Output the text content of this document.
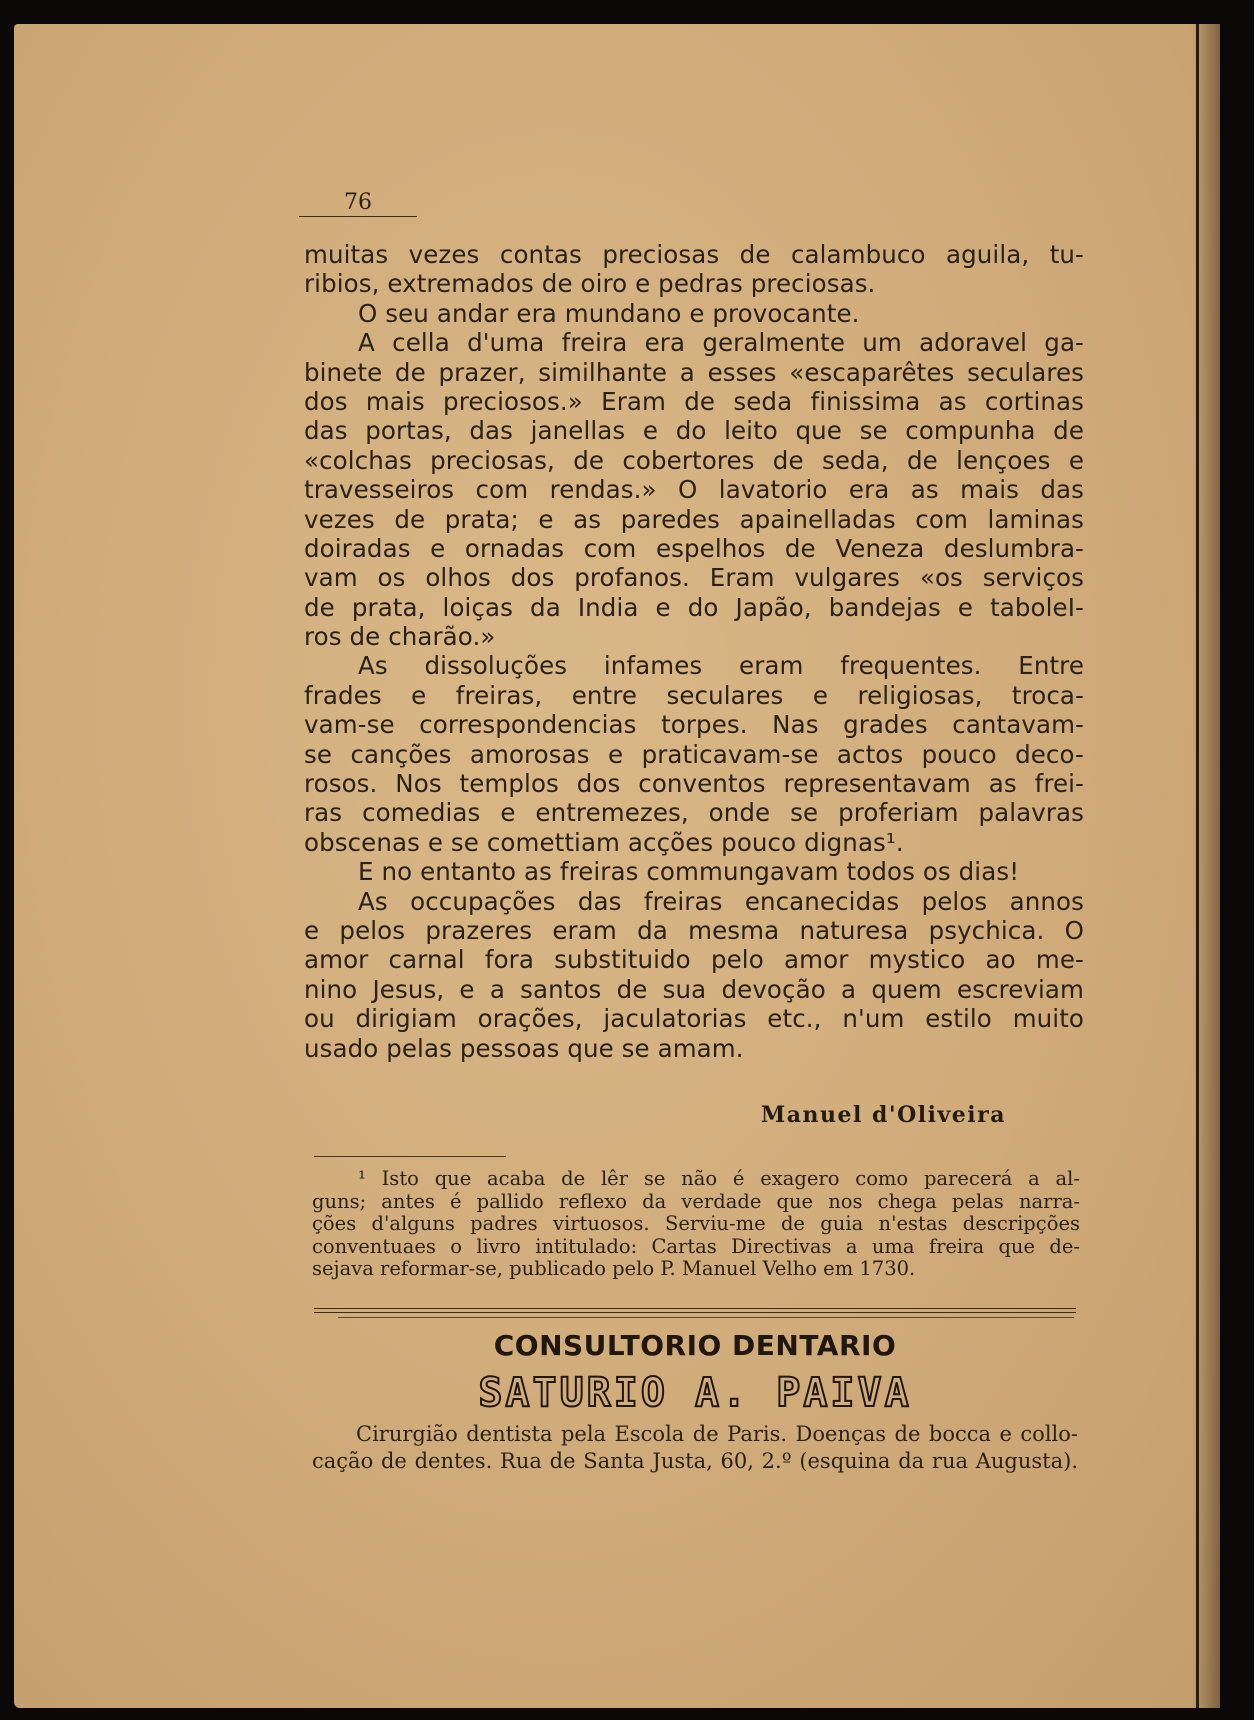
76
muitas vezes contas preciosas de calambuco aguila, tu-
ribios, extremados de oiro e pedras preciosas.
O seu andar era mundano e provocante.
A cella d'uma freira era geralmente um adoravel ga-
binete de prazer, similhante a esses «escaparêtes seculares
dos mais preciosos.» Eram de seda finissima as cortinas
das portas, das janellas e do leito que se compunha de
«colchas preciosas, de cobertores de seda, de lençoes e
travesseiros com rendas.» O lavatorio era as mais das
vezes de prata; e as paredes apainelladas com laminas
doiradas e ornadas com espelhos de Veneza deslumbra-
vam os olhos dos profanos. Eram vulgares «os serviços
de prata, loiças da India e do Japão, bandejas e taboleI-
ros de charão.»
As dissoluções infames eram frequentes. Entre
frades e freiras, entre seculares e religiosas, troca-
vam-se correspondencias torpes. Nas grades cantavam-
se canções amorosas e praticavam-se actos pouco deco-
rosos. Nos templos dos conventos representavam as frei-
ras comedias e entremezes, onde se proferiam palavras
obscenas e se comettiam acções pouco dignas¹.
E no entanto as freiras commungavam todos os dias!
As occupações das freiras encanecidas pelos annos
e pelos prazeres eram da mesma naturesa psychica. O
amor carnal fora substituido pelo amor mystico ao me-
nino Jesus, e a santos de sua devoção a quem escreviam
ou dirigiam orações, jaculatorias etc., n'um estilo muito
usado pelas pessoas que se amam.
Manuel d'Oliveira
¹ Isto que acaba de lêr se não é exagero como parecerá a al-
guns; antes é pallido reflexo da verdade que nos chega pelas narra-
ções d'alguns padres virtuosos. Serviu-me de guia n'estas descripções
conventuaes o livro intitulado: Cartas Directivas a uma freira que de-
sejava reformar-se, publicado pelo P. Manuel Velho em 1730.
CONSULTORIO DENTARIO
SATURIO A. PAIVA
Cirurgião dentista pela Escola de Paris. Doenças de bocca e collo-
cação de dentes. Rua de Santa Justa, 60, 2.º (esquina da rua Augusta).
